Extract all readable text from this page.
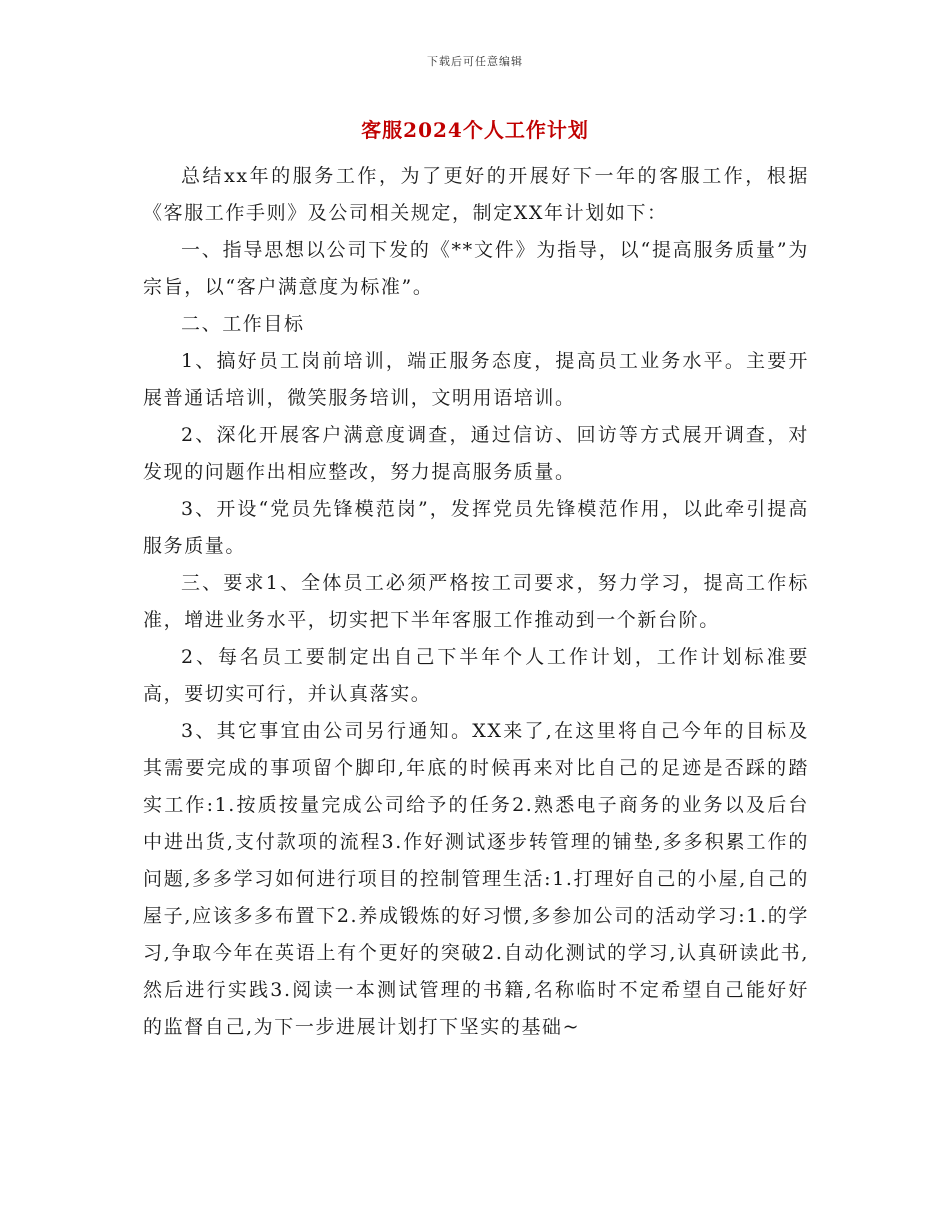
下载后可任意编辑
客服2024个人工作计划

总结xx年的服务工作，为了更好的开展好下一年的客服工作，根据《客服工作手则》及公司相关规定，制定XX年计划如下：

一、指导思想以公司下发的《**文件》为指导，以“提高服务质量”为宗旨，以“客户满意度为标准”。

二、工作目标

1、搞好员工岗前培训，端正服务态度，提高员工业务水平。主要开展普通话培训，微笑服务培训，文明用语培训。

2、深化开展客户满意度调查，通过信访、回访等方式展开调查，对发现的问题作出相应整改，努力提高服务质量。

3、开设“党员先锋模范岗”，发挥党员先锋模范作用，以此牵引提高服务质量。

三、要求1、全体员工必须严格按工司要求，努力学习，提高工作标准，增进业务水平，切实把下半年客服工作推动到一个新台阶。

2、每名员工要制定出自己下半年个人工作计划，工作计划标准要高，要切实可行，并认真落实。

3、其它事宜由公司另行通知。XX来了,在这里将自己今年的目标及其需要完成的事项留个脚印,年底的时候再来对比自己的足迹是否踩的踏实工作:1.按质按量完成公司给予的任务2.熟悉电子商务的业务以及后台中进出货,支付款项的流程3.作好测试逐步转管理的铺垫,多多积累工作的问题,多多学习如何进行项目的控制管理生活:1.打理好自己的小屋,自己的屋子,应该多多布置下2.养成锻炼的好习惯,多参加公司的活动学习:1.的学习,争取今年在英语上有个更好的突破2.自动化测试的学习,认真研读此书,然后进行实践3.阅读一本测试管理的书籍,名称临时不定希望自己能好好的监督自己,为下一步进展计划打下坚实的基础~
